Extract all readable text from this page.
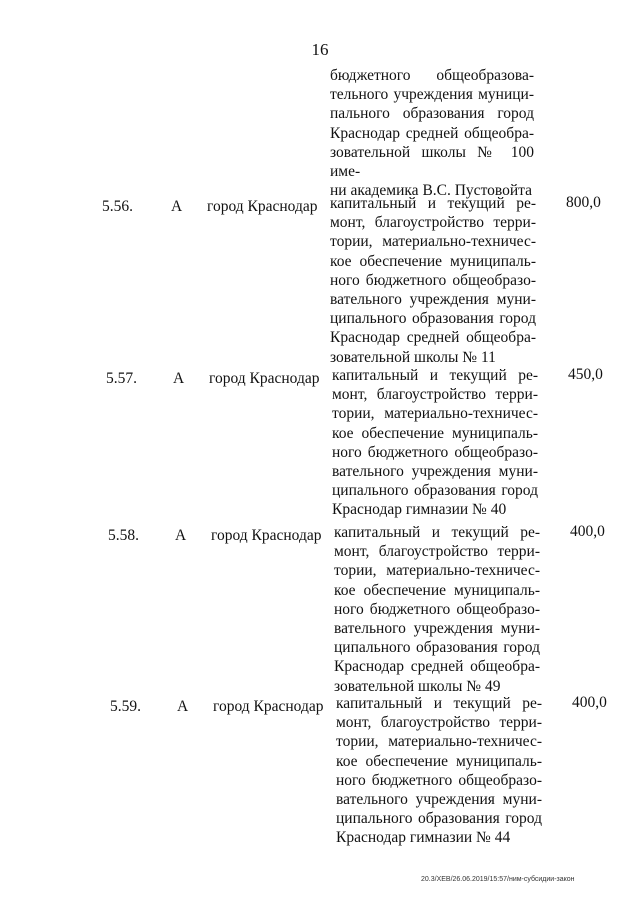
16
бюджетного общеобразова-
тельного учреждения муници-
пального образования город
Краснодар средней общеобра-
зовательной школы № 100 име-
ни академика В.С. Пустовойта
5.56. А город Краснодар капитальный и текущий ре-
монт, благоустройство терри-
тории, материально-техничес-
кое обеспечение муниципаль-
ного бюджетного общеобразо-
вательного учреждения муни-
ципального образования город
Краснодар средней общеобра-
зовательной школы № 11
800,0
5.57. А город Краснодар капитальный и текущий ре-
монт, благоустройство терри-
тории, материально-техничес-
кое обеспечение муниципаль-
ного бюджетного общеобразо-
вательного учреждения муни-
ципального образования город
Краснодар гимназии № 40
450,0
5.58. А город Краснодар капитальный и текущий ре-
монт, благоустройство терри-
тории, материально-техничес-
кое обеспечение муниципаль-
ного бюджетного общеобразо-
вательного учреждения муни-
ципального образования город
Краснодар средней общеобра-
зовательной школы № 49
400,0
5.59. А город Краснодар капитальный и текущий ре-
монт, благоустройство терри-
тории, материально-техничес-
кое обеспечение муниципаль-
ного бюджетного общеобразо-
вательного учреждения муни-
ципального образования город
Краснодар гимназии № 44
400,0
20.3/XEB/26.06.2019/15:57/ним-субсидии-закон
